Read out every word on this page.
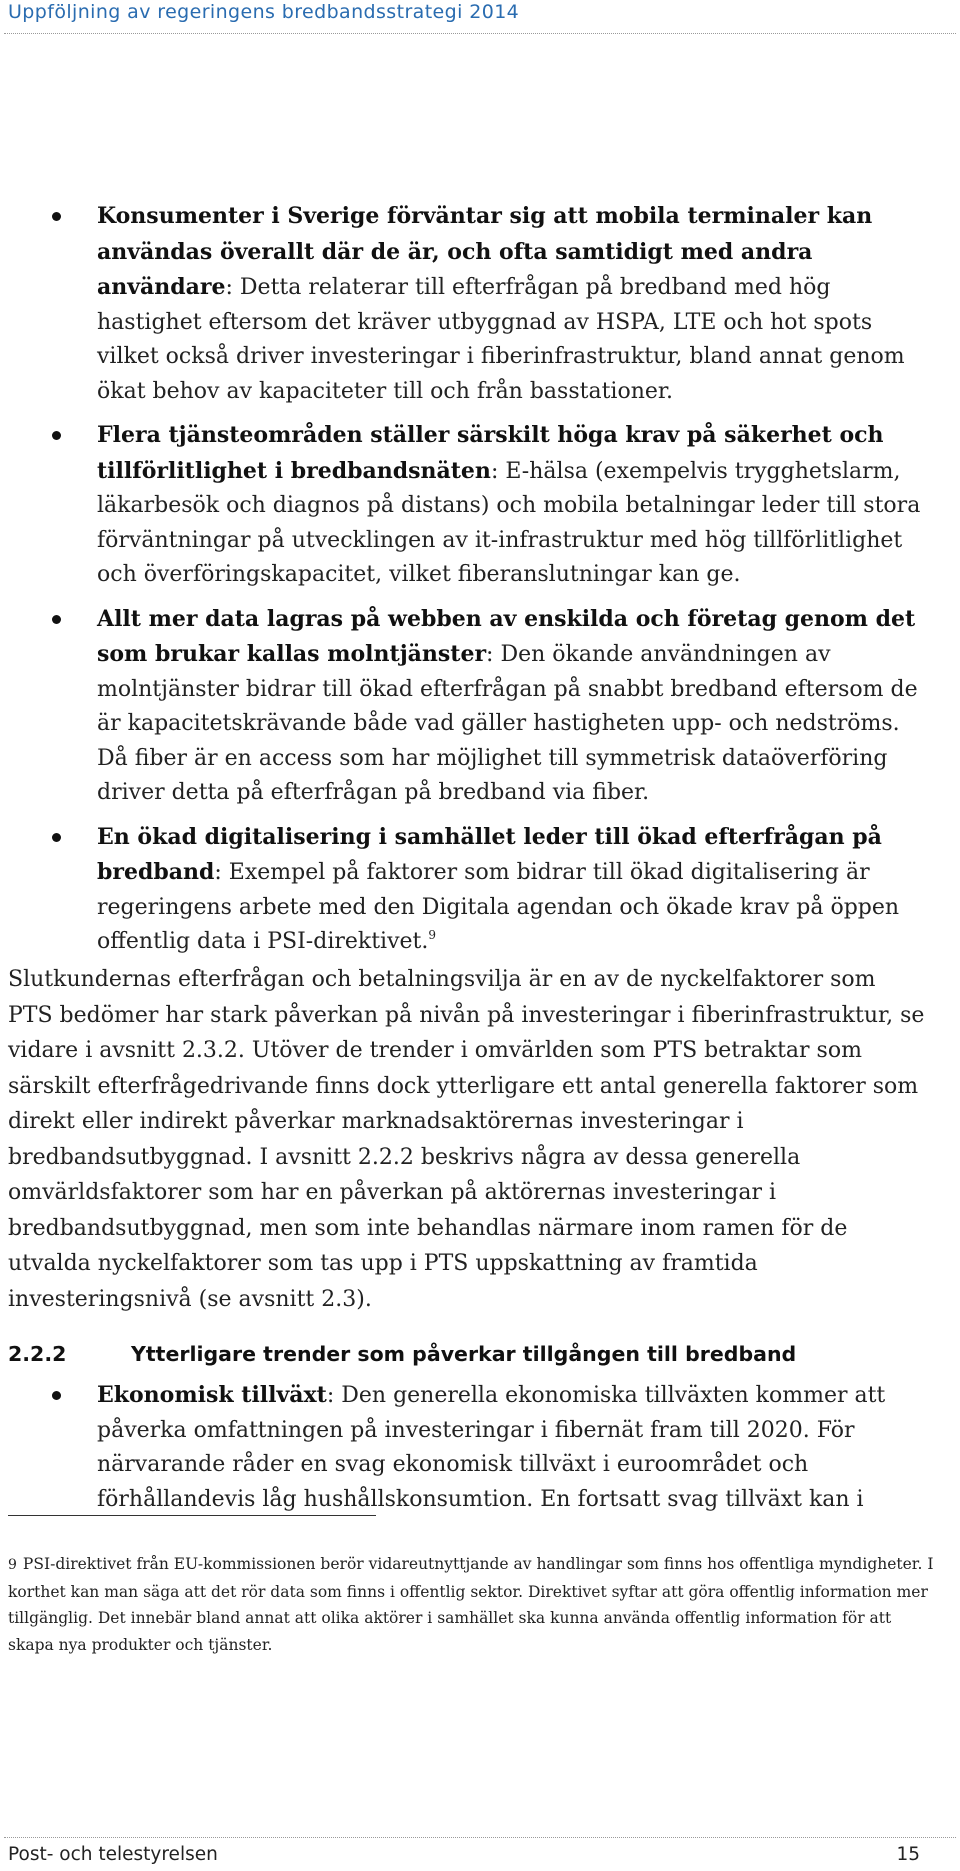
Uppföljning av regeringens bredbandsstrategi 2014
Konsumenter i Sverige förväntar sig att mobila terminaler kan användas överallt där de är, och ofta samtidigt med andra användare: Detta relaterar till efterfrågan på bredband med hög hastighet eftersom det kräver utbyggnad av HSPA, LTE och hot spots vilket också driver investeringar i fiberinfrastruktur, bland annat genom ökat behov av kapaciteter till och från basstationer.
Flera tjänsteområden ställer särskilt höga krav på säkerhet och tillförlitlighet i bredbandsnäten: E-hälsa (exempelvis trygghetslarm, läkarbesök och diagnos på distans) och mobila betalningar leder till stora förväntningar på utvecklingen av it-infrastruktur med hög tillförlitlighet och överföringskapacitet, vilket fiberanslutningar kan ge.
Allt mer data lagras på webben av enskilda och företag genom det som brukar kallas molntjänster: Den ökande användningen av molntjänster bidrar till ökad efterfrågan på snabbt bredband eftersom de är kapacitetskrävande både vad gäller hastigheten upp- och nedströms. Då fiber är en access som har möjlighet till symmetrisk dataöverföring driver detta på efterfrågan på bredband via fiber.
En ökad digitalisering i samhället leder till ökad efterfrågan på bredband: Exempel på faktorer som bidrar till ökad digitalisering är regeringens arbete med den Digitala agendan och ökade krav på öppen offentlig data i PSI-direktivet.$^9$
Slutkundernas efterfrågan och betalningsvilja är en av de nyckelfaktorer som PTS bedömer har stark påverkan på nivån på investeringar i fiberinfrastruktur, se vidare i avsnitt 2.3.2. Utöver de trender i omvärlden som PTS betraktar som särskilt efterfrågedrivande finns dock ytterligare ett antal generella faktorer som direkt eller indirekt påverkar marknadsaktörernas investeringar i bredbandsutbyggnad. I avsnitt 2.2.2 beskrivs några av dessa generella omvärldsfaktorer som har en påverkan på aktörernas investeringar i bredbandsutbyggnad, men som inte behandlas närmare inom ramen för de utvalda nyckelfaktorer som tas upp i PTS uppskattning av framtida investeringsnivå (se avsnitt 2.3).
2.2.2	Ytterligare trender som påverkar tillgången till bredband
Ekonomisk tillväxt: Den generella ekonomiska tillväxten kommer att påverka omfattningen på investeringar i fibernät fram till 2020. För närvarande råder en svag ekonomisk tillväxt i euroområdet och förhållandevis låg hushållskonsumtion. En fortsatt svag tillväxt kan i
9 PSI-direktivet från EU-kommissionen berör vidareutnyttjande av handlingar som finns hos offentliga myndigheter. I korthet kan man säga att det rör data som finns i offentlig sektor. Direktivet syftar att göra offentlig information mer tillgänglig. Det innebär bland annat att olika aktörer i samhället ska kunna använda offentlig information för att skapa nya produkter och tjänster.
Post- och telestyrelsen	15
